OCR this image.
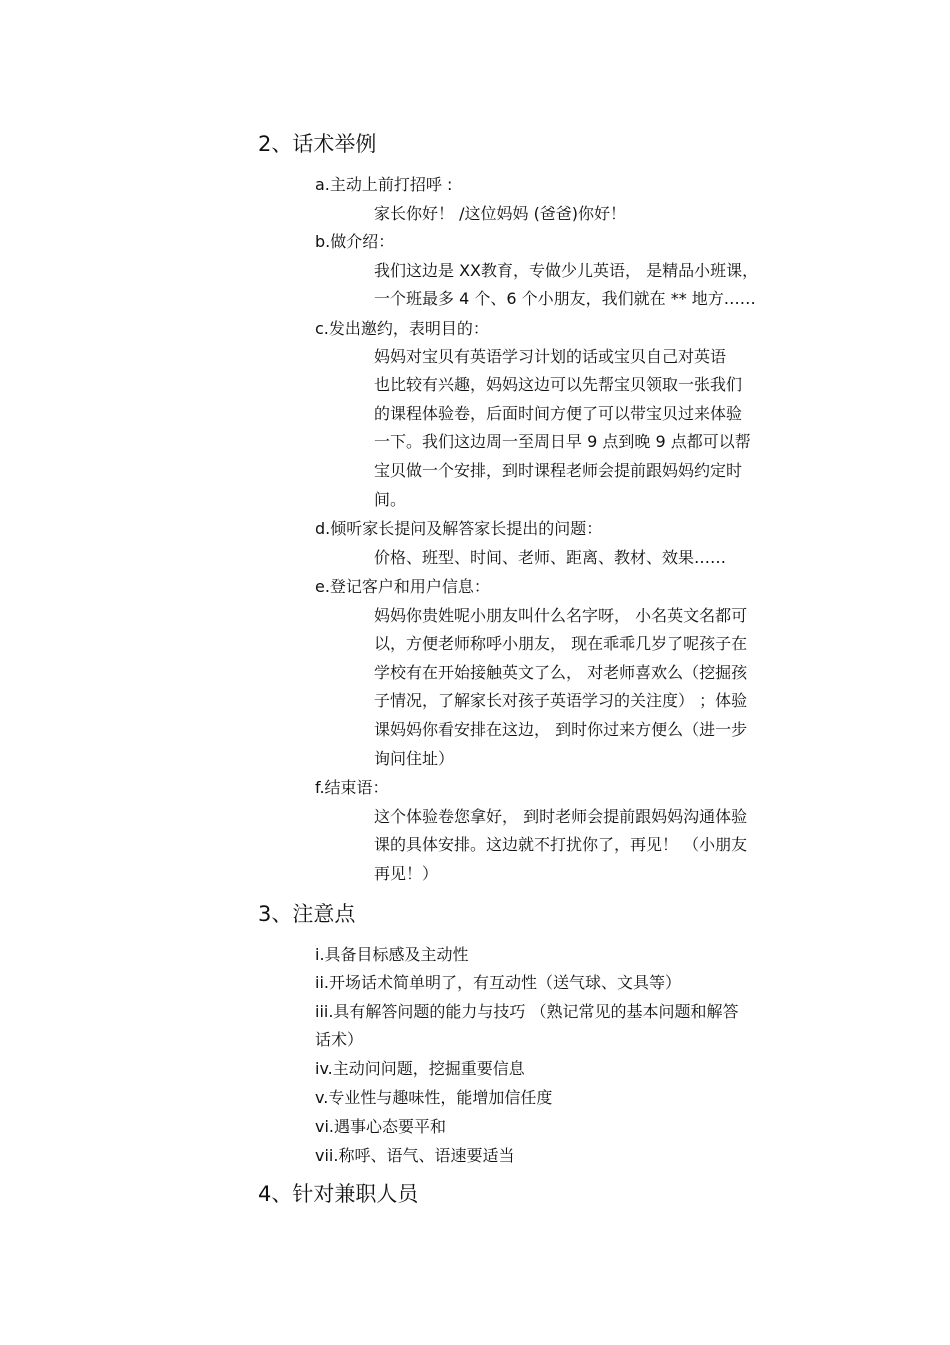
2、话术举例
a.主动上前打招呼 :
家长你好！ /这位妈妈 (爸爸)你好！
b.做介绍：
我们这边是 XX教育，专做少儿英语， 是精品小班课，
一个班最多 4 个、6 个小朋友，我们就在 ** 地方……
c.发出邀约，表明目的：
妈妈对宝贝有英语学习计划的话或宝贝自己对英语
也比较有兴趣，妈妈这边可以先帮宝贝领取一张我们
的课程体验卷，后面时间方便了可以带宝贝过来体验
一下。我们这边周一至周日早 9 点到晚 9 点都可以帮
宝贝做一个安排，到时课程老师会提前跟妈妈约定时
间。
d.倾听家长提问及解答家长提出的问题：
价格、班型、时间、老师、距离、教材、效果……
e.登记客户和用户信息：
妈妈你贵姓呢小朋友叫什么名字呀， 小名英文名都可
以，方便老师称呼小朋友， 现在乖乖几岁了呢孩子在
学校有在开始接触英文了么， 对老师喜欢么（挖掘孩
子情况，了解家长对孩子英语学习的关注度） ；体验
课妈妈你看安排在这边， 到时你过来方便么（进一步
询问住址）
f.结束语：
这个体验卷您拿好， 到时老师会提前跟妈妈沟通体验
课的具体安排。这边就不打扰你了，再见！ （小朋友
再见！）
3、注意点
i.具备目标感及主动性
ii.开场话术简单明了，有互动性（送气球、文具等）
iii.具有解答问题的能力与技巧 （熟记常见的基本问题和解答
话术）
iv.主动问问题，挖掘重要信息
v.专业性与趣味性，能增加信任度
vi.遇事心态要平和
vii.称呼、语气、语速要适当
4、针对兼职人员
